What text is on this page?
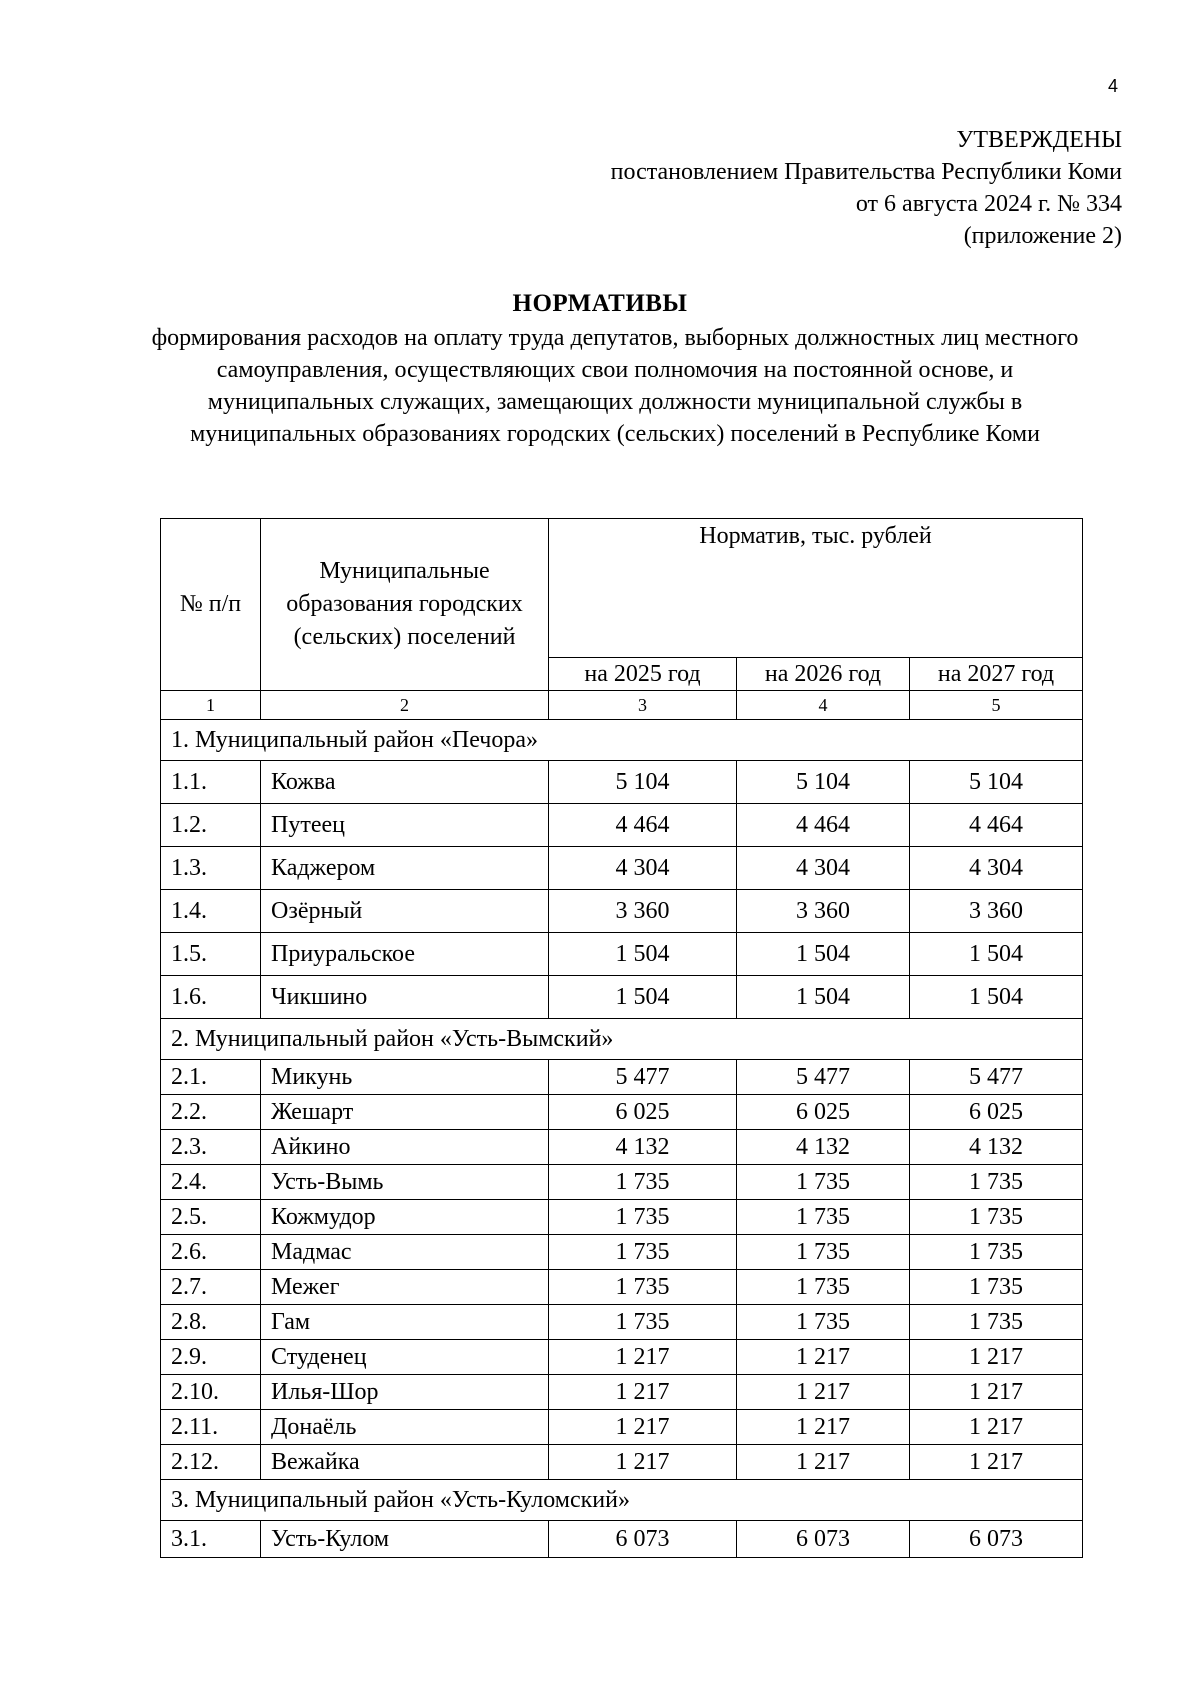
4
УТВЕРЖДЕНЫ
постановлением Правительства Республики Коми
от 6 августа 2024 г. № 334
(приложение 2)
НОРМАТИВЫ
формирования расходов на оплату труда депутатов, выборных должностных лиц местного самоуправления, осуществляющих свои полномочия на постоянной основе, и муниципальных служащих, замещающих должности муниципальной службы в муниципальных образованиях городских (сельских) поселений в Республике Коми
№ п/п	Муниципальные образования городских (сельских) поселений	Норматив, тыс. рублей		
		на 2025 год	на 2026 год	на 2027 год
1	2	3	4	5
1. Муниципальный район «Печора»				
1.1.	Кожва	5 104	5 104	5 104
1.2.	Путеец	4 464	4 464	4 464
1.3.	Каджером	4 304	4 304	4 304
1.4.	Озёрный	3 360	3 360	3 360
1.5.	Приуральское	1 504	1 504	1 504
1.6.	Чикшино	1 504	1 504	1 504
2. Муниципальный район «Усть-Вымский»				
2.1.	Микунь	5 477	5 477	5 477
2.2.	Жешарт	6 025	6 025	6 025
2.3.	Айкино	4 132	4 132	4 132
2.4.	Усть-Вымь	1 735	1 735	1 735
2.5.	Кожмудор	1 735	1 735	1 735
2.6.	Мадмас	1 735	1 735	1 735
2.7.	Межег	1 735	1 735	1 735
2.8.	Гам	1 735	1 735	1 735
2.9.	Студенец	1 217	1 217	1 217
2.10.	Илья-Шор	1 217	1 217	1 217
2.11.	Донаёль	1 217	1 217	1 217
2.12.	Вежайка	1 217	1 217	1 217
3. Муниципальный район «Усть-Куломский»				
3.1.	Усть-Кулом	6 073	6 073	6 073
